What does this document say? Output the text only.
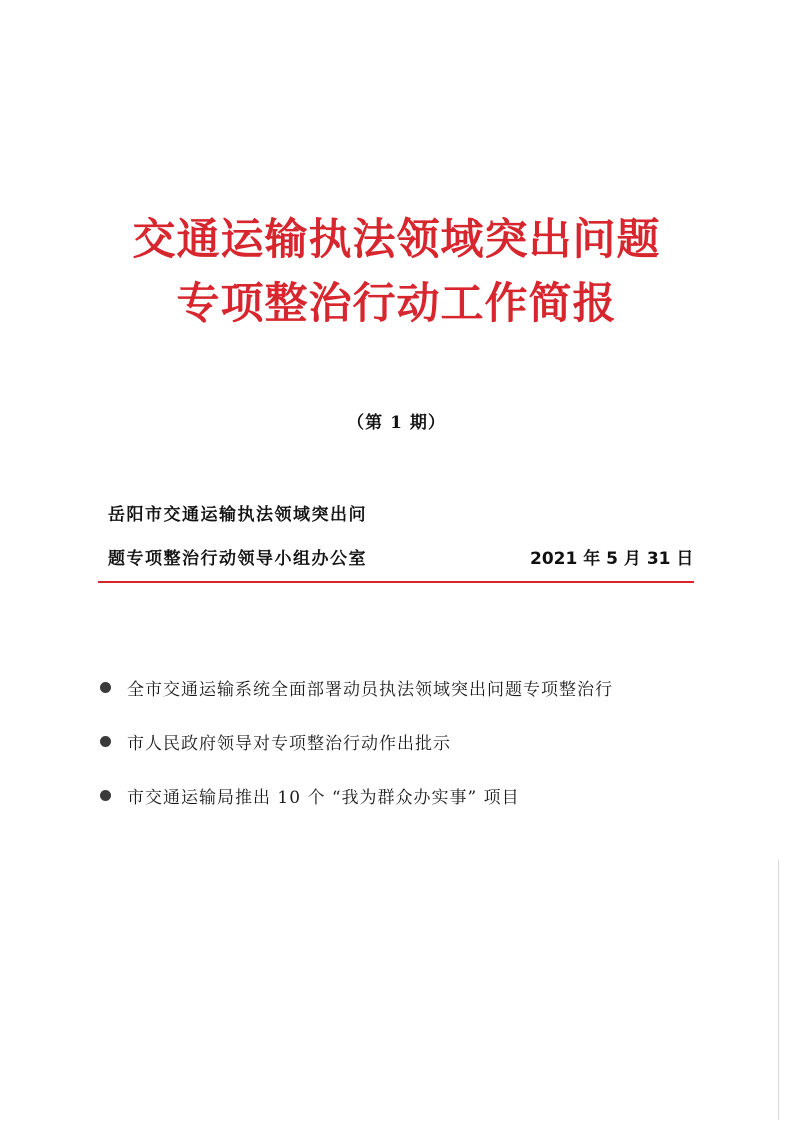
交通运输执法领域突出问题
专项整治行动工作简报
（第 1 期）
岳阳市交通运输执法领域突出问
题专项整治行动领导小组办公室	2021 年 5 月 31 日
全市交通运输系统全面部署动员执法领域突出问题专项整治行
市人民政府领导对专项整治行动作出批示
市交通运输局推出 10 个 “我为群众办实事” 项目
